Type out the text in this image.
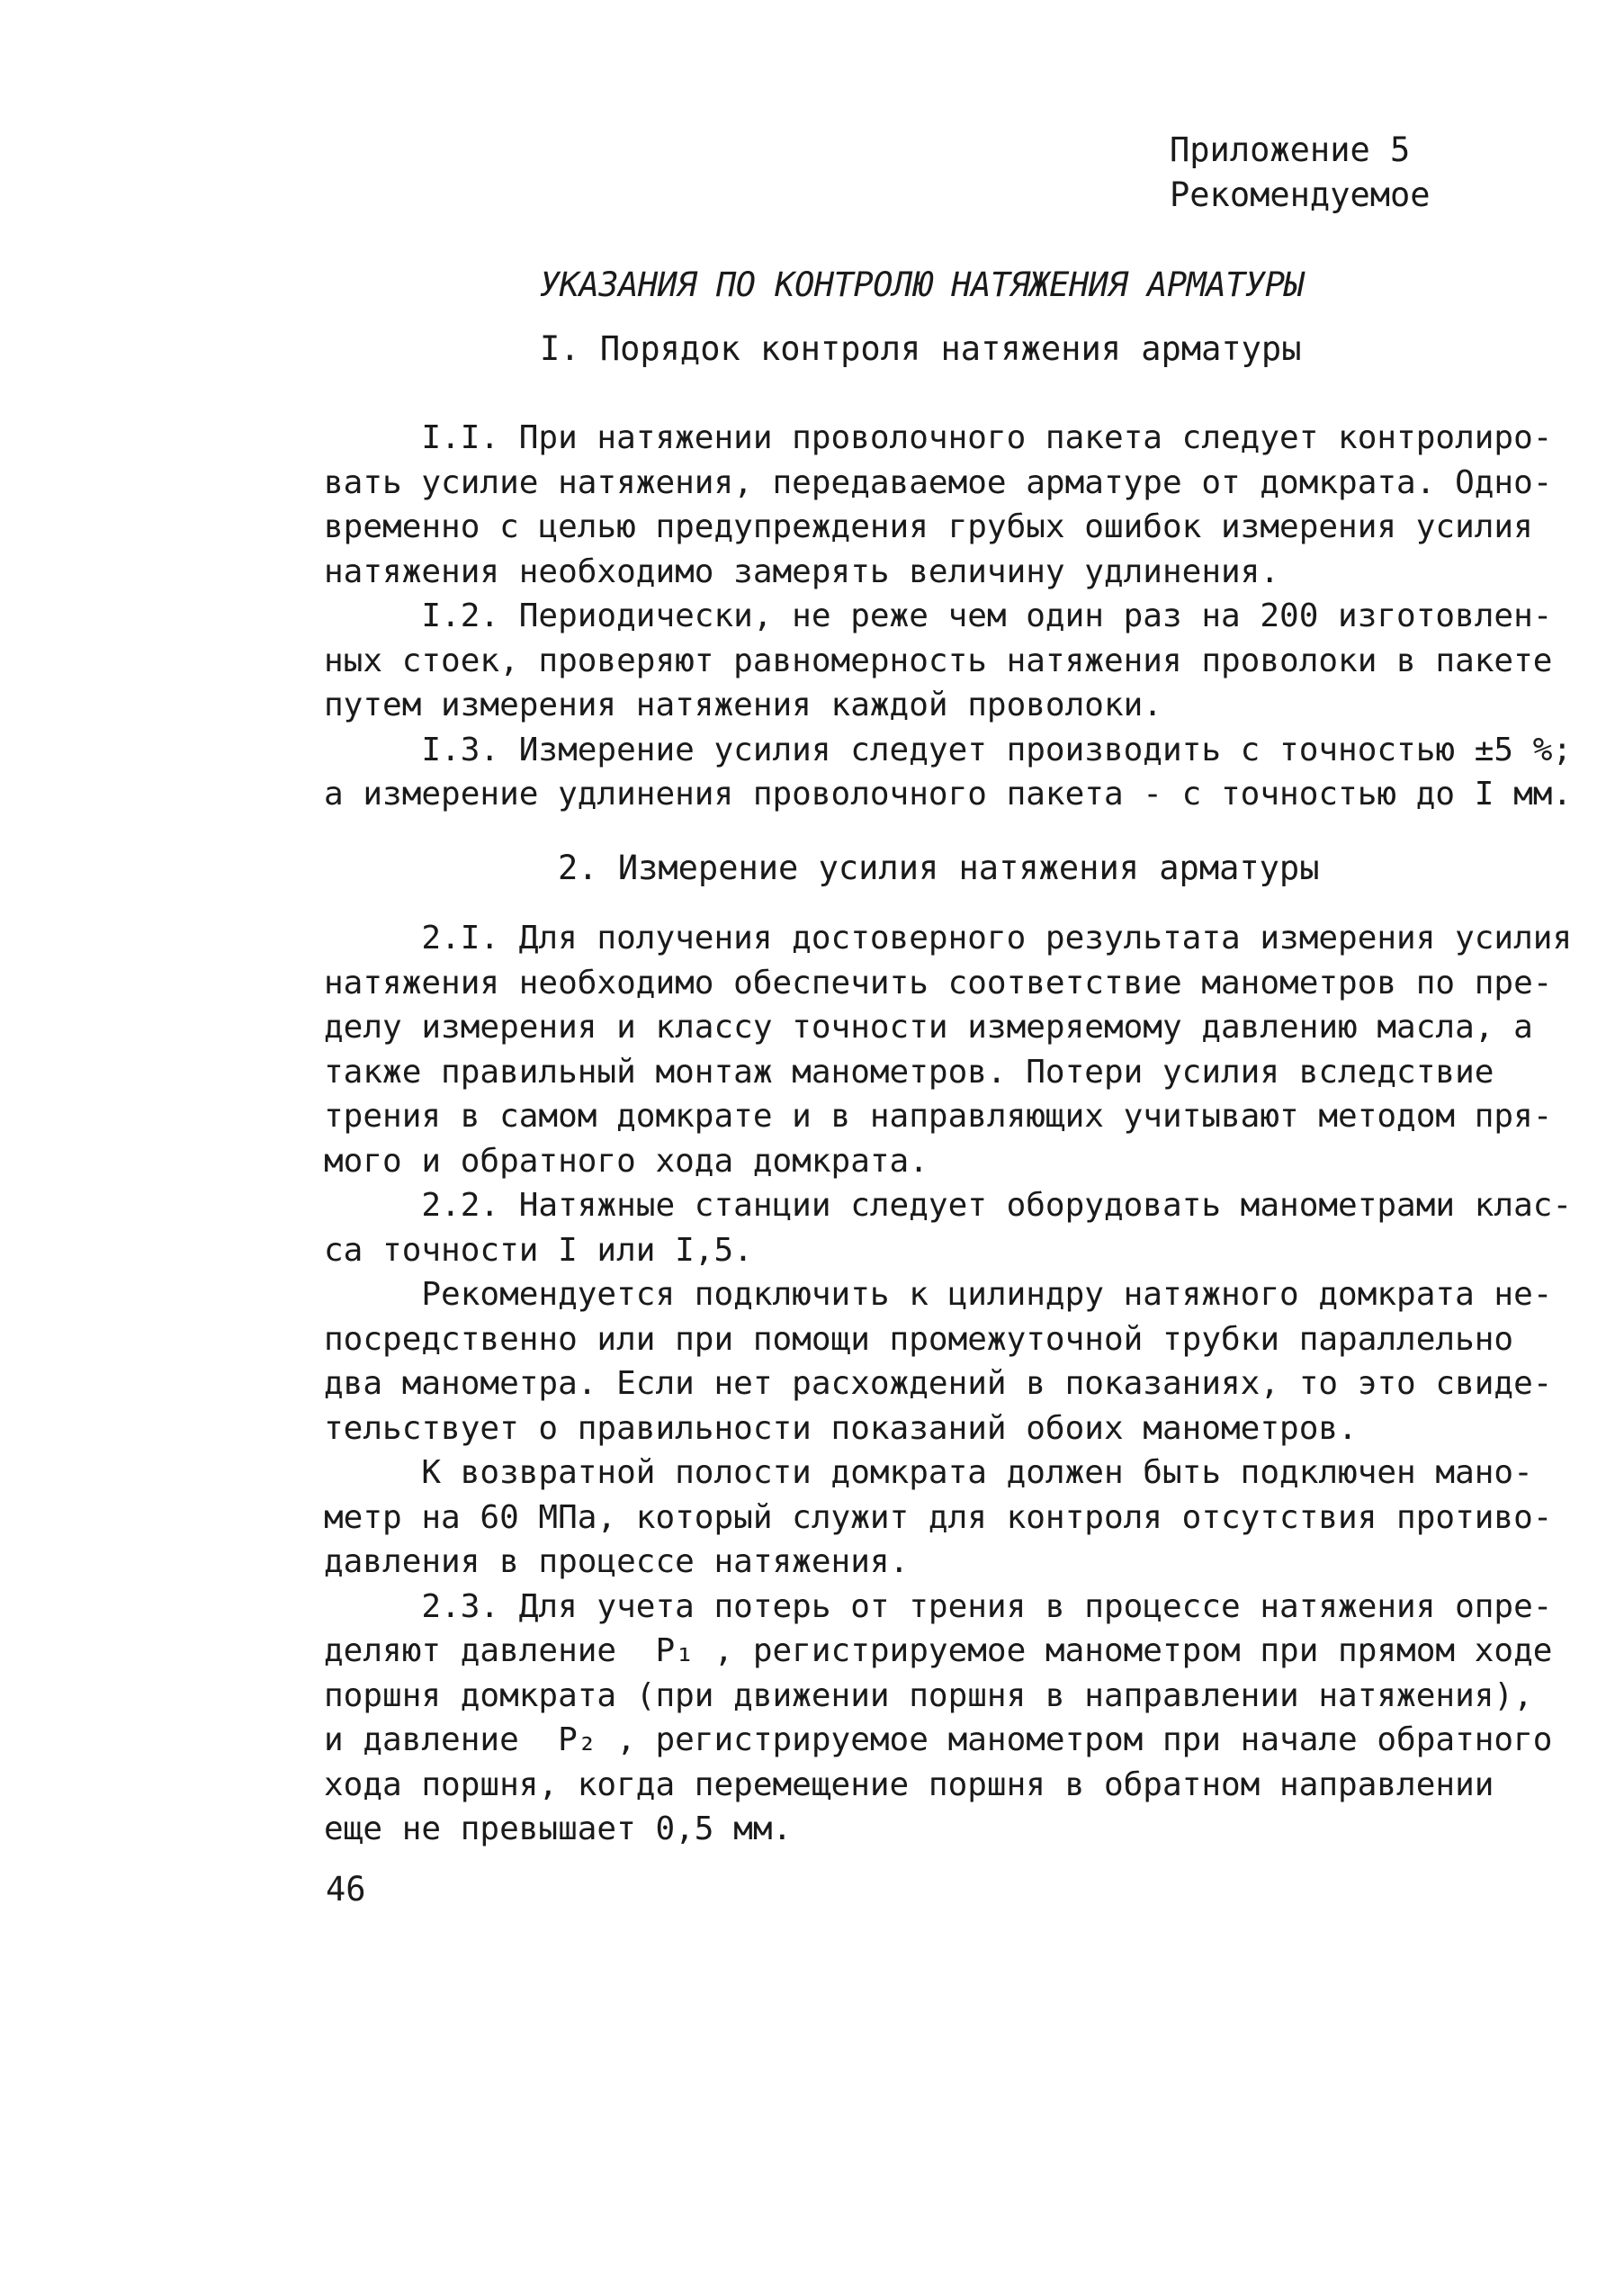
Приложение 5
Рекомендуемое
УКАЗАНИЯ ПО КОНТРОЛЮ НАТЯЖЕНИЯ АРМАТУРЫ
I. Порядок контроля натяжения арматуры
I.I. При натяжении проволочного пакета следует контролиро-
вать усилие натяжения, передаваемое арматуре от домкрата. Одно-
временно с целью предупреждения грубых ошибок измерения усилия
натяжения необходимо замерять величину удлинения.
I.2. Периодически, не реже чем один раз на 200 изготовлен-
ных стоек, проверяют равномерность натяжения проволоки в пакете
путем измерения натяжения каждой проволоки.
I.3. Измерение усилия следует производить с точностью ±5 %;
а измерение удлинения проволочного пакета - с точностью до I мм.
2. Измерение усилия натяжения арматуры
2.I. Для получения достоверного результата измерения усилия
натяжения необходимо обеспечить соответствие манометров по пре-
делу измерения и классу точности измеряемому давлению масла, а
также правильный монтаж манометров. Потери усилия вследствие
трения в самом домкрате и в направляющих учитывают методом пря-
мого и обратного хода домкрата.
2.2. Натяжные станции следует оборудовать манометрами клас-
са точности I или I,5.
Рекомендуется подключить к цилиндру натяжного домкрата не-
посредственно или при помощи промежуточной трубки параллельно
два манометра. Если нет расхождений в показаниях, то это свиде-
тельствует о правильности показаний обоих манометров.
К возвратной полости домкрата должен быть подключен мано-
метр на 60 МПа, который служит для контроля отсутствия противо-
давления в процессе натяжения.
2.3. Для учета потерь от трения в процессе натяжения опре-
деляют давление  P₁ , регистрируемое манометром при прямом ходе
поршня домкрата (при движении поршня в направлении натяжения),
и давление  P₂ , регистрируемое манометром при начале обратного
хода поршня, когда перемещение поршня в обратном направлении
еще не превышает 0,5 мм.
46
